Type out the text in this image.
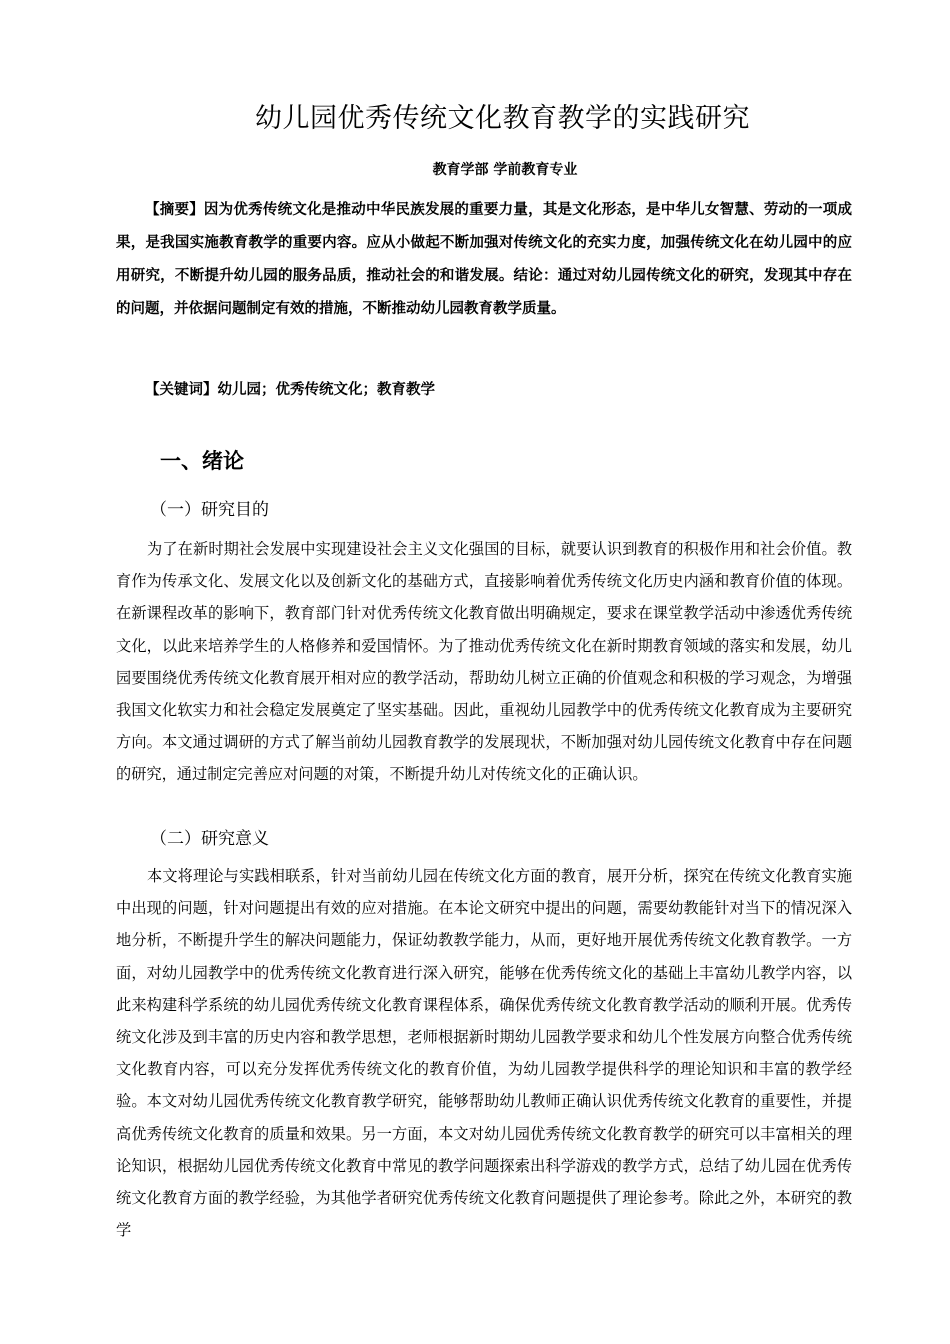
幼儿园优秀传统文化教育教学的实践研究
教育学部 学前教育专业
【摘要】因为优秀传统文化是推动中华民族发展的重要力量，其是文化形态，是中华儿女智慧、劳动的一项成果，是我国实施教育教学的重要内容。应从小做起不断加强对传统文化的充实力度，加强传统文化在幼儿园中的应用研究，不断提升幼儿园的服务品质，推动社会的和谐发展。结论：通过对幼儿园传统文化的研究，发现其中存在的问题，并依据问题制定有效的措施，不断推动幼儿园教育教学质量。
【关键词】幼儿园；优秀传统文化；教育教学
一、绪论
（一）研究目的
为了在新时期社会发展中实现建设社会主义文化强国的目标，就要认识到教育的积极作用和社会价值。教育作为传承文化、发展文化以及创新文化的基础方式，直接影响着优秀传统文化历史内涵和教育价值的体现。在新课程改革的影响下，教育部门针对优秀传统文化教育做出明确规定，要求在课堂教学活动中渗透优秀传统文化，以此来培养学生的人格修养和爱国情怀。为了推动优秀传统文化在新时期教育领域的落实和发展，幼儿园要围绕优秀传统文化教育展开相对应的教学活动，帮助幼儿树立正确的价值观念和积极的学习观念，为增强我国文化软实力和社会稳定发展奠定了坚实基础。因此，重视幼儿园教学中的优秀传统文化教育成为主要研究方向。本文通过调研的方式了解当前幼儿园教育教学的发展现状，不断加强对幼儿园传统文化教育中存在问题的研究，通过制定完善应对问题的对策，不断提升幼儿对传统文化的正确认识。
（二）研究意义
本文将理论与实践相联系，针对当前幼儿园在传统文化方面的教育，展开分析，探究在传统文化教育实施中出现的问题，针对问题提出有效的应对措施。在本论文研究中提出的问题，需要幼教能针对当下的情况深入地分析，不断提升学生的解决问题能力，保证幼教教学能力，从而，更好地开展优秀传统文化教育教学。一方面，对幼儿园教学中的优秀传统文化教育进行深入研究，能够在优秀传统文化的基础上丰富幼儿教学内容，以此来构建科学系统的幼儿园优秀传统文化教育课程体系，确保优秀传统文化教育教学活动的顺利开展。优秀传统文化涉及到丰富的历史内容和教学思想，老师根据新时期幼儿园教学要求和幼儿个性发展方向整合优秀传统文化教育内容，可以充分发挥优秀传统文化的教育价值，为幼儿园教学提供科学的理论知识和丰富的教学经验。本文对幼儿园优秀传统文化教育教学研究，能够帮助幼儿教师正确认识优秀传统文化教育的重要性，并提高优秀传统文化教育的质量和效果。另一方面，本文对幼儿园优秀传统文化教育教学的研究可以丰富相关的理论知识，根据幼儿园优秀传统文化教育中常见的教学问题探索出科学游戏的教学方式，总结了幼儿园在优秀传统文化教育方面的教学经验，为其他学者研究优秀传统文化教育问题提供了理论参考。除此之外，本研究的教学
